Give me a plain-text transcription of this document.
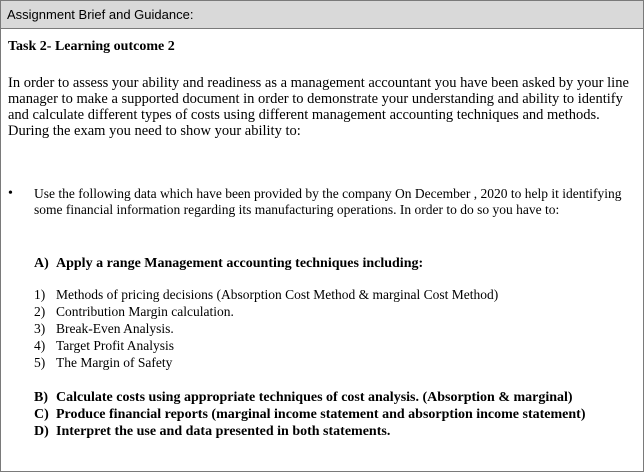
Assignment Brief and Guidance:
Task 2- Learning outcome 2
In order to assess your ability and readiness as a management accountant you have been asked by your line manager to make a supported document in order to demonstrate your understanding and ability to identify and calculate different types of costs using different management accounting techniques and methods. During the exam you need to show your ability to:
• Use the following data which have been provided by the company On December , 2020 to help it identifying some financial information regarding its manufacturing operations. In order to do so you have to:
A) Apply a range Management accounting techniques including:
1) Methods of pricing decisions (Absorption Cost Method & marginal Cost Method)
2) Contribution Margin calculation.
3) Break-Even Analysis.
4) Target Profit Analysis
5) The Margin of Safety
B) Calculate costs using appropriate techniques of cost analysis. (Absorption & marginal)
C) Produce financial reports (marginal income statement and absorption income statement)
D) Interpret the use and data presented in both statements.
